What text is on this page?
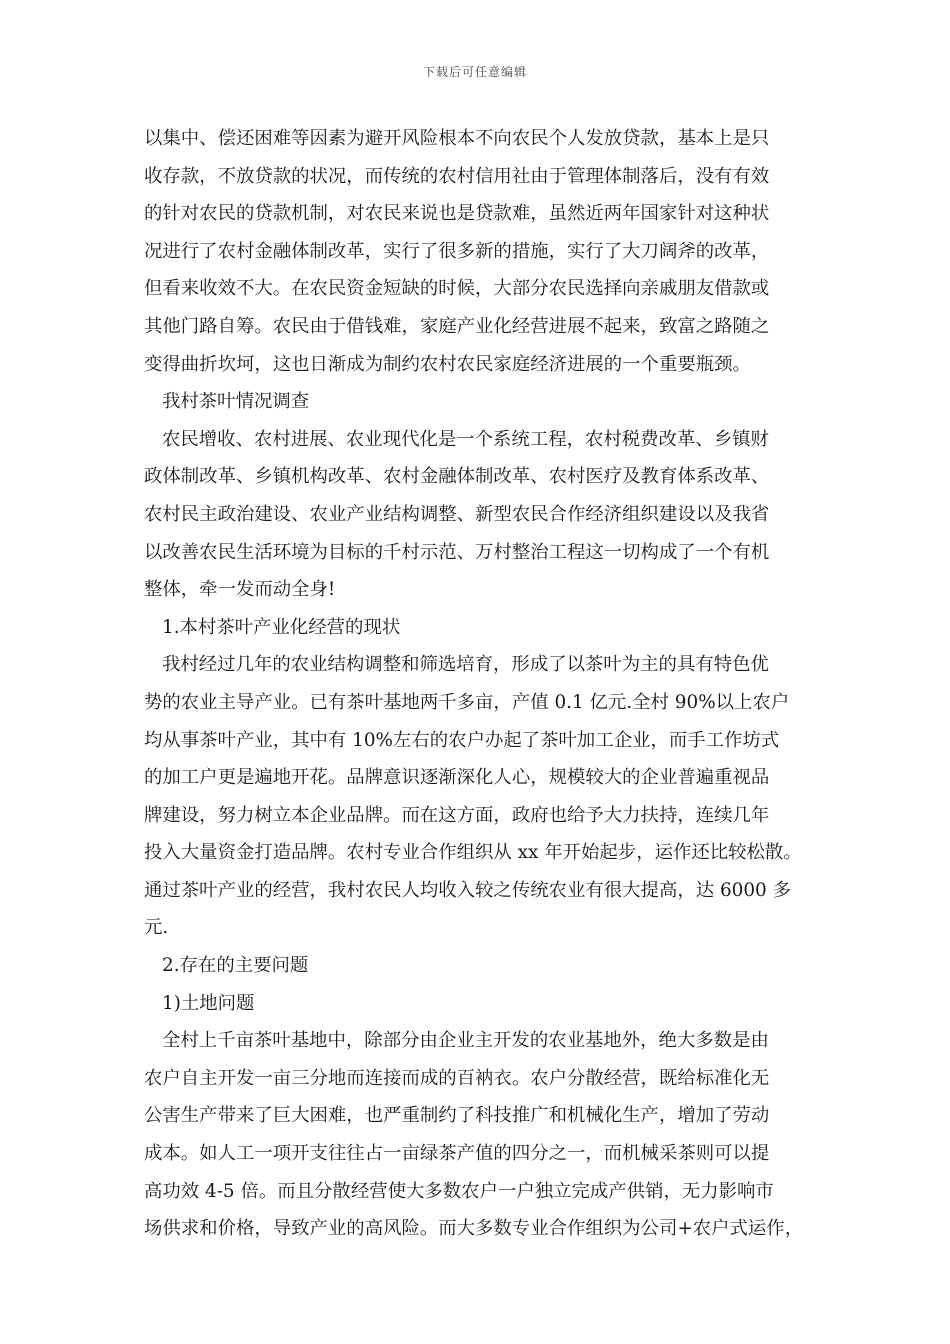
下载后可任意编辑
以集中、偿还困难等因素为避开风险根本不向农民个人发放贷款，基本上是只
收存款，不放贷款的状况，而传统的农村信用社由于管理体制落后，没有有效
的针对农民的贷款机制，对农民来说也是贷款难，虽然近两年国家针对这种状
况进行了农村金融体制改革，实行了很多新的措施，实行了大刀阔斧的改革，
但看来收效不大。在农民资金短缺的时候，大部分农民选择向亲戚朋友借款或
其他门路自筹。农民由于借钱难，家庭产业化经营进展不起来，致富之路随之
变得曲折坎坷，这也日渐成为制约农村农民家庭经济进展的一个重要瓶颈。
我村茶叶情况调查
农民增收、农村进展、农业现代化是一个系统工程，农村税费改革、乡镇财
政体制改革、乡镇机构改革、农村金融体制改革、农村医疗及教育体系改革、
农村民主政治建设、农业产业结构调整、新型农民合作经济组织建设以及我省
以改善农民生活环境为目标的千村示范、万村整治工程这一切构成了一个有机
整体，牵一发而动全身!
1.本村茶叶产业化经营的现状
我村经过几年的农业结构调整和筛选培育，形成了以茶叶为主的具有特色优
势的农业主导产业。已有茶叶基地两千多亩，产值 0.1 亿元.全村 90%以上农户
均从事茶叶产业，其中有 10%左右的农户办起了茶叶加工企业，而手工作坊式
的加工户更是遍地开花。品牌意识逐渐深化人心，规模较大的企业普遍重视品
牌建设，努力树立本企业品牌。而在这方面，政府也给予大力扶持，连续几年
投入大量资金打造品牌。农村专业合作组织从 xx 年开始起步，运作还比较松散。
通过茶叶产业的经营，我村农民人均收入较之传统农业有很大提高，达 6000 多
元.
2.存在的主要问题
1)土地问题
全村上千亩茶叶基地中，除部分由企业主开发的农业基地外，绝大多数是由
农户自主开发一亩三分地而连接而成的百衲衣。农户分散经营，既给标准化无
公害生产带来了巨大困难，也严重制约了科技推广和机械化生产，增加了劳动
成本。如人工一项开支往往占一亩绿茶产值的四分之一，而机械采茶则可以提
高功效 4-5 倍。而且分散经营使大多数农户一户独立完成产供销，无力影响市
场供求和价格，导致产业的高风险。而大多数专业合作组织为公司+农户式运作，
